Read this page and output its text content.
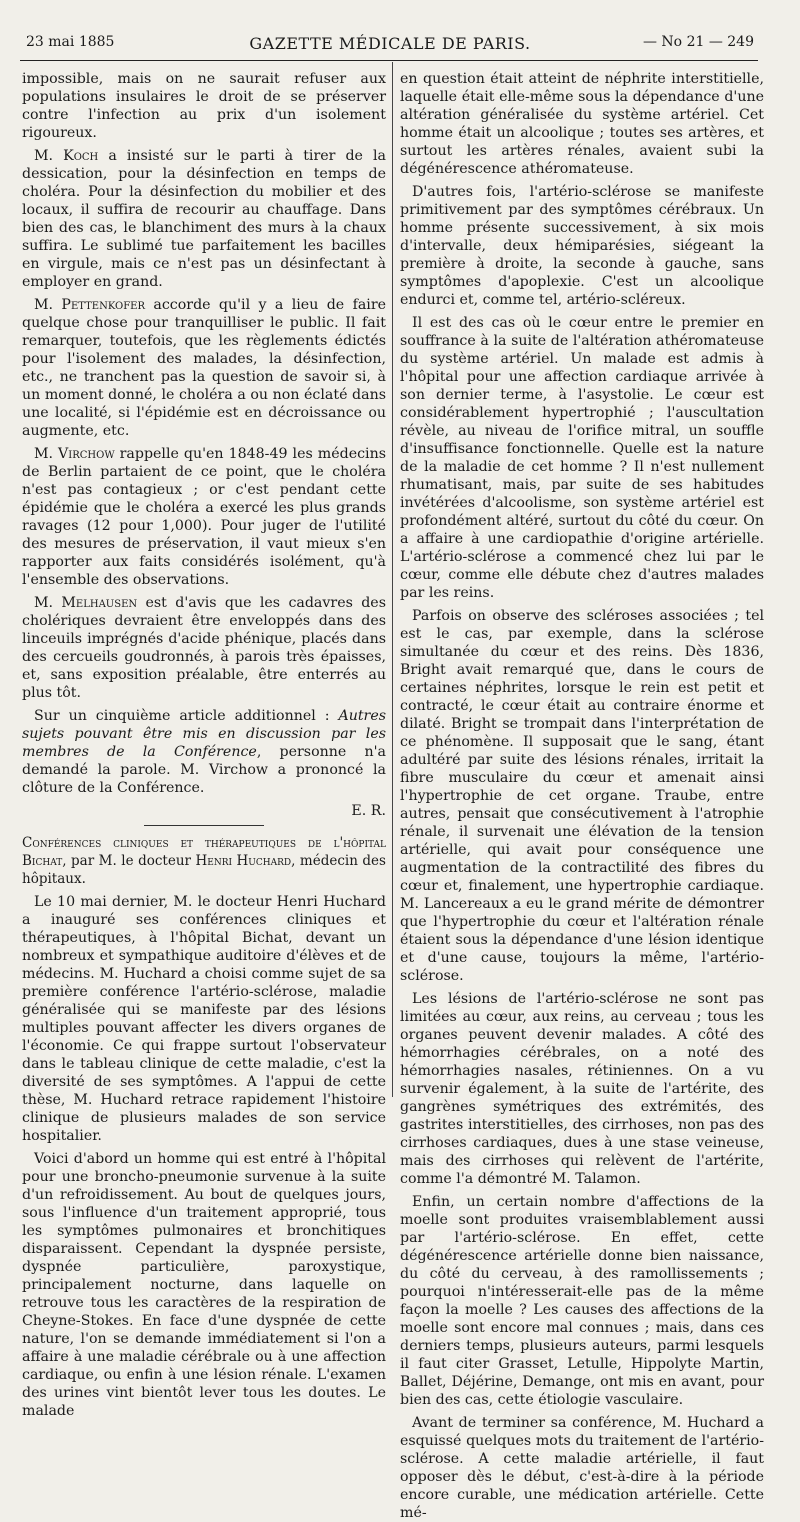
23 mai 1885	GAZETTE MÉDICALE DE PARIS.	— No 21 — 249

impossible, mais on ne saurait refuser aux populations insulaires le droit de se préserver contre l'infection au prix d'un isolement rigoureux.

M. Koch a insisté sur le parti à tirer de la dessication, pour la désinfection en temps de choléra. Pour la désinfection du mobilier et des locaux, il suffira de recourir au chauffage. Dans bien des cas, le blanchiment des murs à la chaux suffira. Le sublimé tue parfaitement les bacilles en virgule, mais ce n'est pas un désinfectant à employer en grand.

M. Pettenkofer accorde qu'il y a lieu de faire quelque chose pour tranquilliser le public. Il fait remarquer, toutefois, que les règlements édictés pour l'isolement des malades, la désinfection, etc., ne tranchent pas la question de savoir si, à un moment donné, le choléra a ou non éclaté dans une localité, si l'épidémie est en décroissance ou augmente, etc.

M. Virchow rappelle qu'en 1848-49 les médecins de Berlin partaient de ce point, que le choléra n'est pas contagieux ; or c'est pendant cette épidémie que le choléra a exercé les plus grands ravages (12 pour 1,000). Pour juger de l'utilité des mesures de préservation, il vaut mieux s'en rapporter aux faits considérés isolément, qu'à l'ensemble des observations.

M. Melhausen est d'avis que les cadavres des cholériques devraient être enveloppés dans des linceuils imprégnés d'acide phénique, placés dans des cercueils goudronnés, à parois très épaisses, et, sans exposition préalable, être enterrés au plus tôt.

Sur un cinquième article additionnel : Autres sujets pouvant être mis en discussion par les membres de la Conférence, personne n'a demandé la parole. M. Virchow a prononcé la clôture de la Conférence.

E. R.

Conférences cliniques et thérapeutiques de l'hôpital Bichat, par M. le docteur Henri Huchard, médecin des hôpitaux.

Le 10 mai dernier, M. le docteur Henri Huchard a inauguré ses conférences cliniques et thérapeutiques, à l'hôpital Bichat, devant un nombreux et sympathique auditoire d'élèves et de médecins. M. Huchard a choisi comme sujet de sa première conférence l'artério-sclérose, maladie généralisée qui se manifeste par des lésions multiples pouvant affecter les divers organes de l'économie. Ce qui frappe surtout l'observateur dans le tableau clinique de cette maladie, c'est la diversité de ses symptômes. A l'appui de cette thèse, M. Huchard retrace rapidement l'histoire clinique de plusieurs malades de son service hospitalier.

Voici d'abord un homme qui est entré à l'hôpital pour une broncho-pneumonie survenue à la suite d'un refroidissement. Au bout de quelques jours, sous l'influence d'un traitement approprié, tous les symptômes pulmonaires et bronchitiques disparaissent. Cependant la dyspnée persiste, dyspnée particulière, paroxystique, principalement nocturne, dans laquelle on retrouve tous les caractères de la respiration de Cheyne-Stokes. En face d'une dyspnée de cette nature, l'on se demande immédiatement si l'on a affaire à une maladie cérébrale ou à une affection cardiaque, ou enfin à une lésion rénale. L'examen des urines vint bientôt lever tous les doutes. Le malade

en question était atteint de néphrite interstitielle, laquelle était elle-même sous la dépendance d'une altération généralisée du système artériel. Cet homme était un alcoolique ; toutes ses artères, et surtout les artères rénales, avaient subi la dégénérescence athéromateuse.

D'autres fois, l'artério-sclérose se manifeste primitivement par des symptômes cérébraux. Un homme présente successivement, à six mois d'intervalle, deux hémiparésies, siégeant la première à droite, la seconde à gauche, sans symptômes d'apoplexie. C'est un alcoolique endurci et, comme tel, artério-scléreux.

Il est des cas où le cœur entre le premier en souffrance à la suite de l'altération athéromateuse du système artériel. Un malade est admis à l'hôpital pour une affection cardiaque arrivée à son dernier terme, à l'asystolie. Le cœur est considérablement hypertrophié ; l'auscultation révèle, au niveau de l'orifice mitral, un souffle d'insuffisance fonctionnelle. Quelle est la nature de la maladie de cet homme ? Il n'est nullement rhumatisant, mais, par suite de ses habitudes invétérées d'alcoolisme, son système artériel est profondément altéré, surtout du côté du cœur. On a affaire à une cardiopathie d'origine artérielle. L'artério-sclérose a commencé chez lui par le cœur, comme elle débute chez d'autres malades par les reins.

Parfois on observe des scléroses associées ; tel est le cas, par exemple, dans la sclérose simultanée du cœur et des reins. Dès 1836, Bright avait remarqué que, dans le cours de certaines néphrites, lorsque le rein est petit et contracté, le cœur était au contraire énorme et dilaté. Bright se trompait dans l'interprétation de ce phénomène. Il supposait que le sang, étant adultéré par suite des lésions rénales, irritait la fibre musculaire du cœur et amenait ainsi l'hypertrophie de cet organe. Traube, entre autres, pensait que consécutivement à l'atrophie rénale, il survenait une élévation de la tension artérielle, qui avait pour conséquence une augmentation de la contractilité des fibres du cœur et, finalement, une hypertrophie cardiaque. M. Lancereaux a eu le grand mérite de démontrer que l'hypertrophie du cœur et l'altération rénale étaient sous la dépendance d'une lésion identique et d'une cause, toujours la même, l'artério-sclérose.

Les lésions de l'artério-sclérose ne sont pas limitées au cœur, aux reins, au cerveau ; tous les organes peuvent devenir malades. A côté des hémorrhagies cérébrales, on a noté des hémorrhagies nasales, rétiniennes. On a vu survenir également, à la suite de l'artérite, des gangrènes symétriques des extrémités, des gastrites interstitielles, des cirrhoses, non pas des cirrhoses cardiaques, dues à une stase veineuse, mais des cirrhoses qui relèvent de l'artérite, comme l'a démontré M. Talamon.

Enfin, un certain nombre d'affections de la moelle sont produites vraisemblablement aussi par l'artério-sclérose. En effet, cette dégénérescence artérielle donne bien naissance, du côté du cerveau, à des ramollissements ; pourquoi n'intéresserait-elle pas de la même façon la moelle ? Les causes des affections de la moelle sont encore mal connues ; mais, dans ces derniers temps, plusieurs auteurs, parmi lesquels il faut citer Grasset, Letulle, Hippolyte Martin, Ballet, Déjérine, Demange, ont mis en avant, pour bien des cas, cette étiologie vasculaire.

Avant de terminer sa conférence, M. Huchard a esquissé quelques mots du traitement de l'artério-sclérose. A cette maladie artérielle, il faut opposer dès le début, c'est-à-dire à la période encore curable, une médication artérielle. Cette mé-
